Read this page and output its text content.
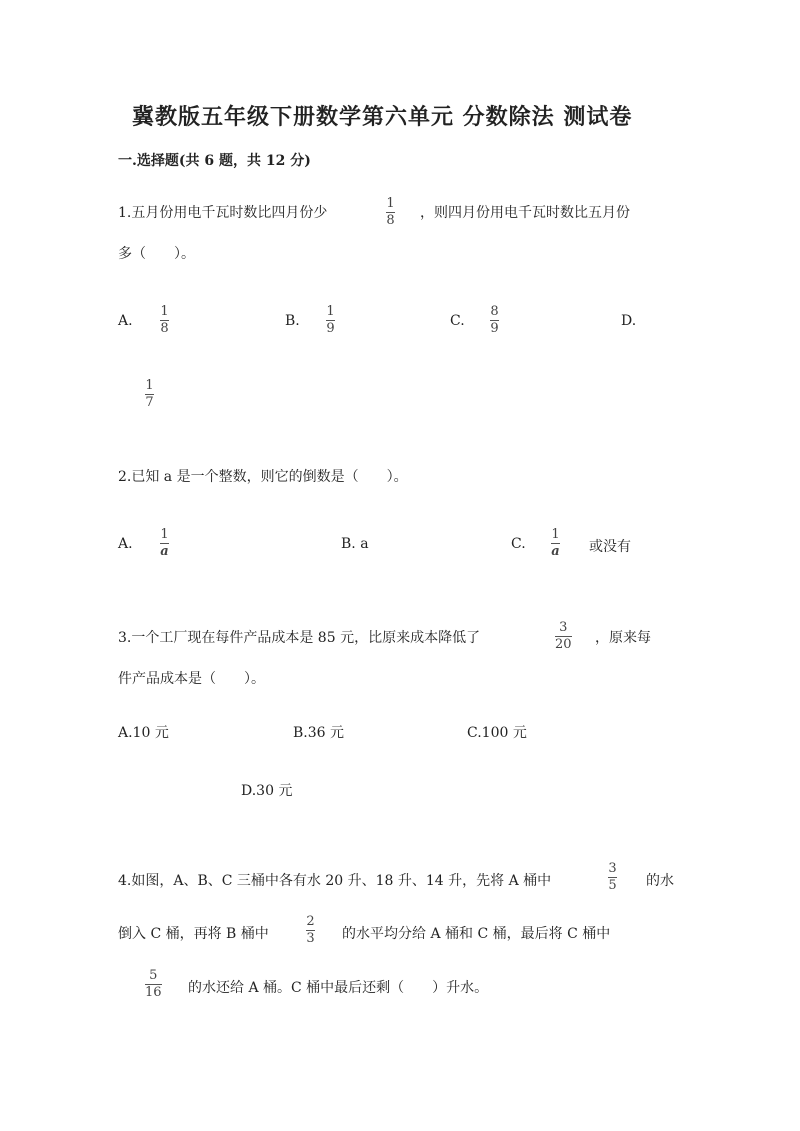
冀教版五年级下册数学第六单元 分数除法 测试卷
一.选择题(共 6 题，共 12 分)
1.五月份用电千瓦时数比四月份少
1
8 ，则四月份用电千瓦时数比五月份
多（　　）。
A.
1
8	B.
1
9	C.
8
9	D.
1
7
2.已知 a 是一个整数，则它的倒数是（　　）。
A.
1
a	B. a	C.
1
a 或没有
3.一个工厂现在每件产品成本是 85 元，比原来成本降低了
3
20 ，原来每
件产品成本是（　　）。
A.10 元	B.36 元	C.100 元
D.30 元
4.如图，A、B、C 三桶中各有水 20 升、18 升、14 升，先将 A 桶中
3
5 的水
倒入 C 桶，再将 B 桶中
2
3 的水平均分给 A 桶和 C 桶，最后将 C 桶中
5
16 的水还给 A 桶。C 桶中最后还剩（　　）升水。
